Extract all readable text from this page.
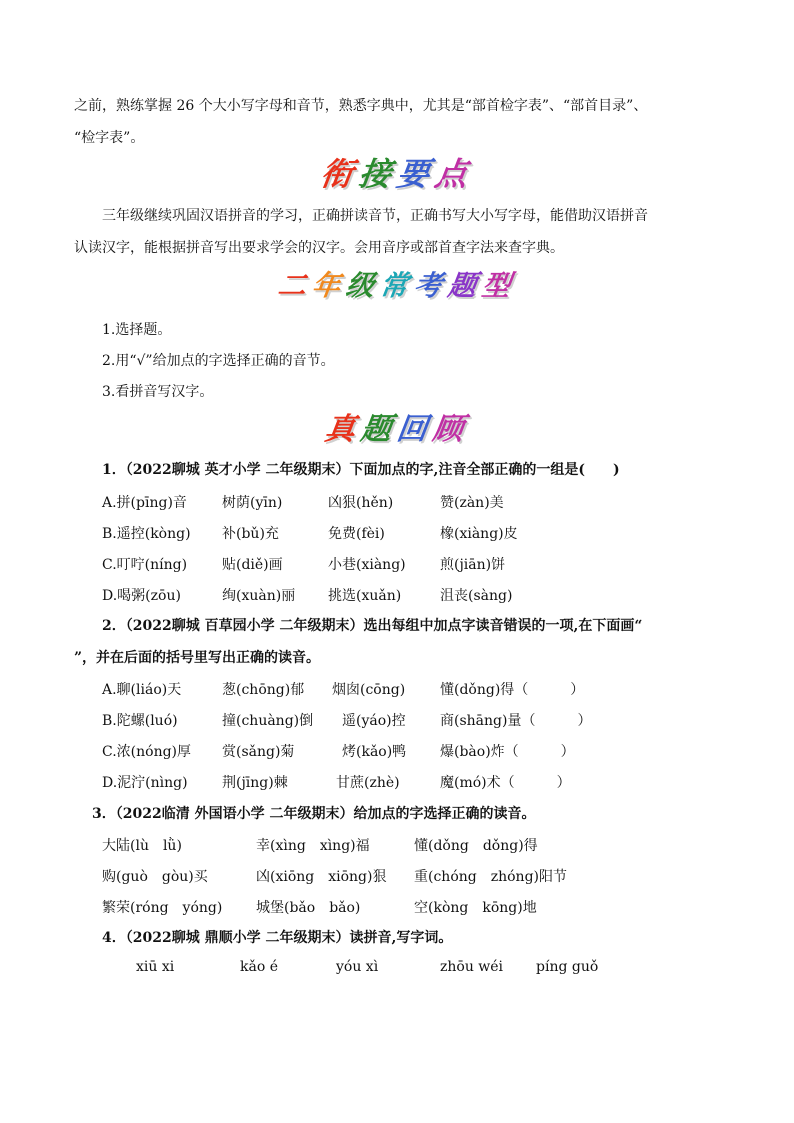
之前，熟练掌握 26 个大小写字母和音节，熟悉字典中，尤其是“部首检字表”、“部首目录”、
“检字表”。
衔接要点
三年级继续巩固汉语拼音的学习，正确拼读音节，正确书写大小写字母，能借助汉语拼音
认读汉字，能根据拼音写出要求学会的汉字。会用音序或部首查字法来查字典。
二年级常考题型
1.选择题。
2.用“√”给加点的字选择正确的音节。
3.看拼音写汉字。
真题回顾
1．（2022聊城 英才小学 二年级期末）下面加点的字,注音全部正确的一组是(　　)
A.拼(pīng)音	树荫(yīn)	凶狠(hěn)	赞(zàn)美
B.遥控(kòng) 补(bǔ)充	免费(fèi)	橡(xiàng)皮
C.叮咛(níng) 贴(diě)画	小巷(xiàng) 煎(jiān)饼
D.喝粥(zōu)	绚(xuàn)丽 挑选(xuǎn)	沮丧(sàng)
2．（2022聊城 百草园小学 二年级期末）选出每组中加点字读音错误的一项,在下面画“
”，并在后面的括号里写出正确的读音。
A.聊(liáo)天	葱(chōng)郁 烟囱(cōng) 懂(dǒng)得（　　　）
B.陀螺(luó)	撞(chuàng)倒 遥(yáo)控 商(shāng)量（　　　）
C.浓(nóng)厚 赏(sǎng)菊	烤(kǎo)鸭 爆(bào)炸（　　　）
D.泥泞(nìng) 荆(jīng)棘	甘蔗(zhè)	魔(mó)术（　　　）
3．（2022临清 外国语小学 二年级期末）给加点的字选择正确的读音。
大陆(lù　lǜ)	幸(xìng　xìng)福	懂(dǒng　dǒng)得
购(guò　gòu)买	凶(xiōng　xiōng)狠 重(chóng　zhóng)阳节
繁荣(róng　yóng) 城堡(bǎo　bǎo)	空(kòng　kōng)地
4．（2022聊城 鼎顺小学 二年级期末）读拼音,写字词。
xiū xi	kǎo é	yóu xì	zhōu wéi píng guǒ
